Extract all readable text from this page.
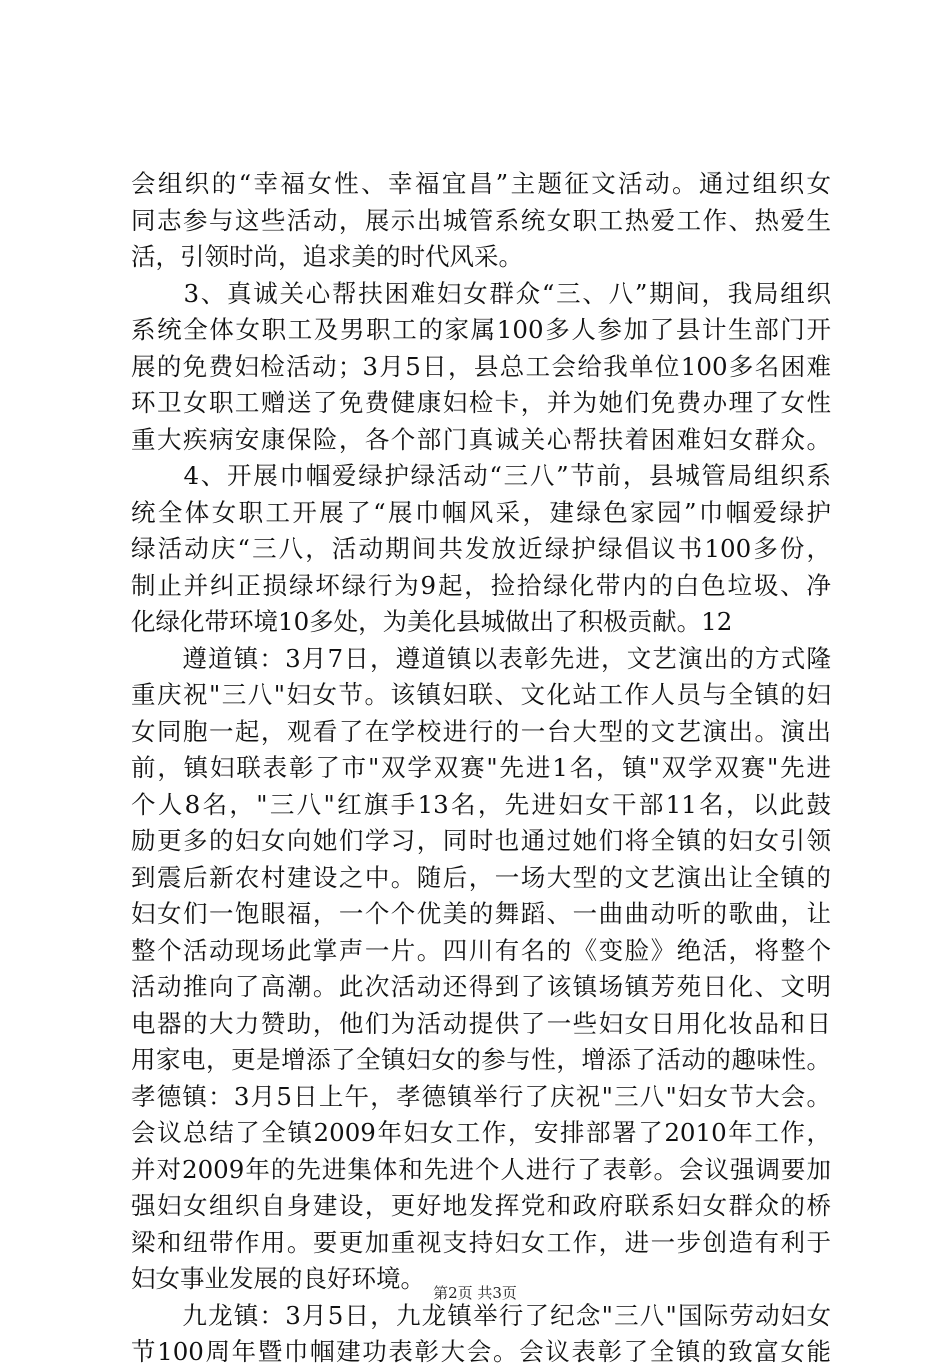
会组织的“幸福女性、幸福宜昌”主题征文活动。通过组织女
同志参与这些活动，展示出城管系统女职工热爱工作、热爱生
活，引领时尚，追求美的时代风采。
　　3、真诚关心帮扶困难妇女群众“三、八”期间，我局组织
系统全体女职工及男职工的家属100多人参加了县计生部门开
展的免费妇检活动；3月5日，县总工会给我单位100多名困难
环卫女职工赠送了免费健康妇检卡，并为她们免费办理了女性
重大疾病安康保险，各个部门真诚关心帮扶着困难妇女群众。
　　4、开展巾帼爱绿护绿活动“三八”节前，县城管局组织系
统全体女职工开展了“展巾帼风采，建绿色家园”巾帼爱绿护
绿活动庆“三八，活动期间共发放近绿护绿倡议书100多份，
制止并纠正损绿坏绿行为9起，捡拾绿化带内的白色垃圾、净
化绿化带环境10多处，为美化县城做出了积极贡献。12
　　遵道镇：3月7日，遵道镇以表彰先进，文艺演出的方式隆
重庆祝"三八"妇女节。该镇妇联、文化站工作人员与全镇的妇
女同胞一起，观看了在学校进行的一台大型的文艺演出。演出
前，镇妇联表彰了市"双学双赛"先进1名，镇"双学双赛"先进
个人8名，"三八"红旗手13名，先进妇女干部11名，以此鼓
励更多的妇女向她们学习，同时也通过她们将全镇的妇女引领
到震后新农村建设之中。随后，一场大型的文艺演出让全镇的
妇女们一饱眼福，一个个优美的舞蹈、一曲曲动听的歌曲，让
整个活动现场此掌声一片。四川有名的《变脸》绝活，将整个
活动推向了高潮。此次活动还得到了该镇场镇芳苑日化、文明
电器的大力赞助，他们为活动提供了一些妇女日用化妆品和日
用家电，更是增添了全镇妇女的参与性，增添了活动的趣味性。
孝德镇：3月5日上午，孝德镇举行了庆祝"三八"妇女节大会。
会议总结了全镇2009年妇女工作，安排部署了2010年工作，
并对2009年的先进集体和先进个人进行了表彰。会议强调要加
强妇女组织自身建设，更好地发挥党和政府联系妇女群众的桥
梁和纽带作用。要更加重视支持妇女工作，进一步创造有利于
妇女事业发展的良好环境。
　　九龙镇：3月5日，九龙镇举行了纪念"三八"国际劳动妇女
节100周年暨巾帼建功表彰大会。会议表彰了全镇的致富女能
第2页 共3页
